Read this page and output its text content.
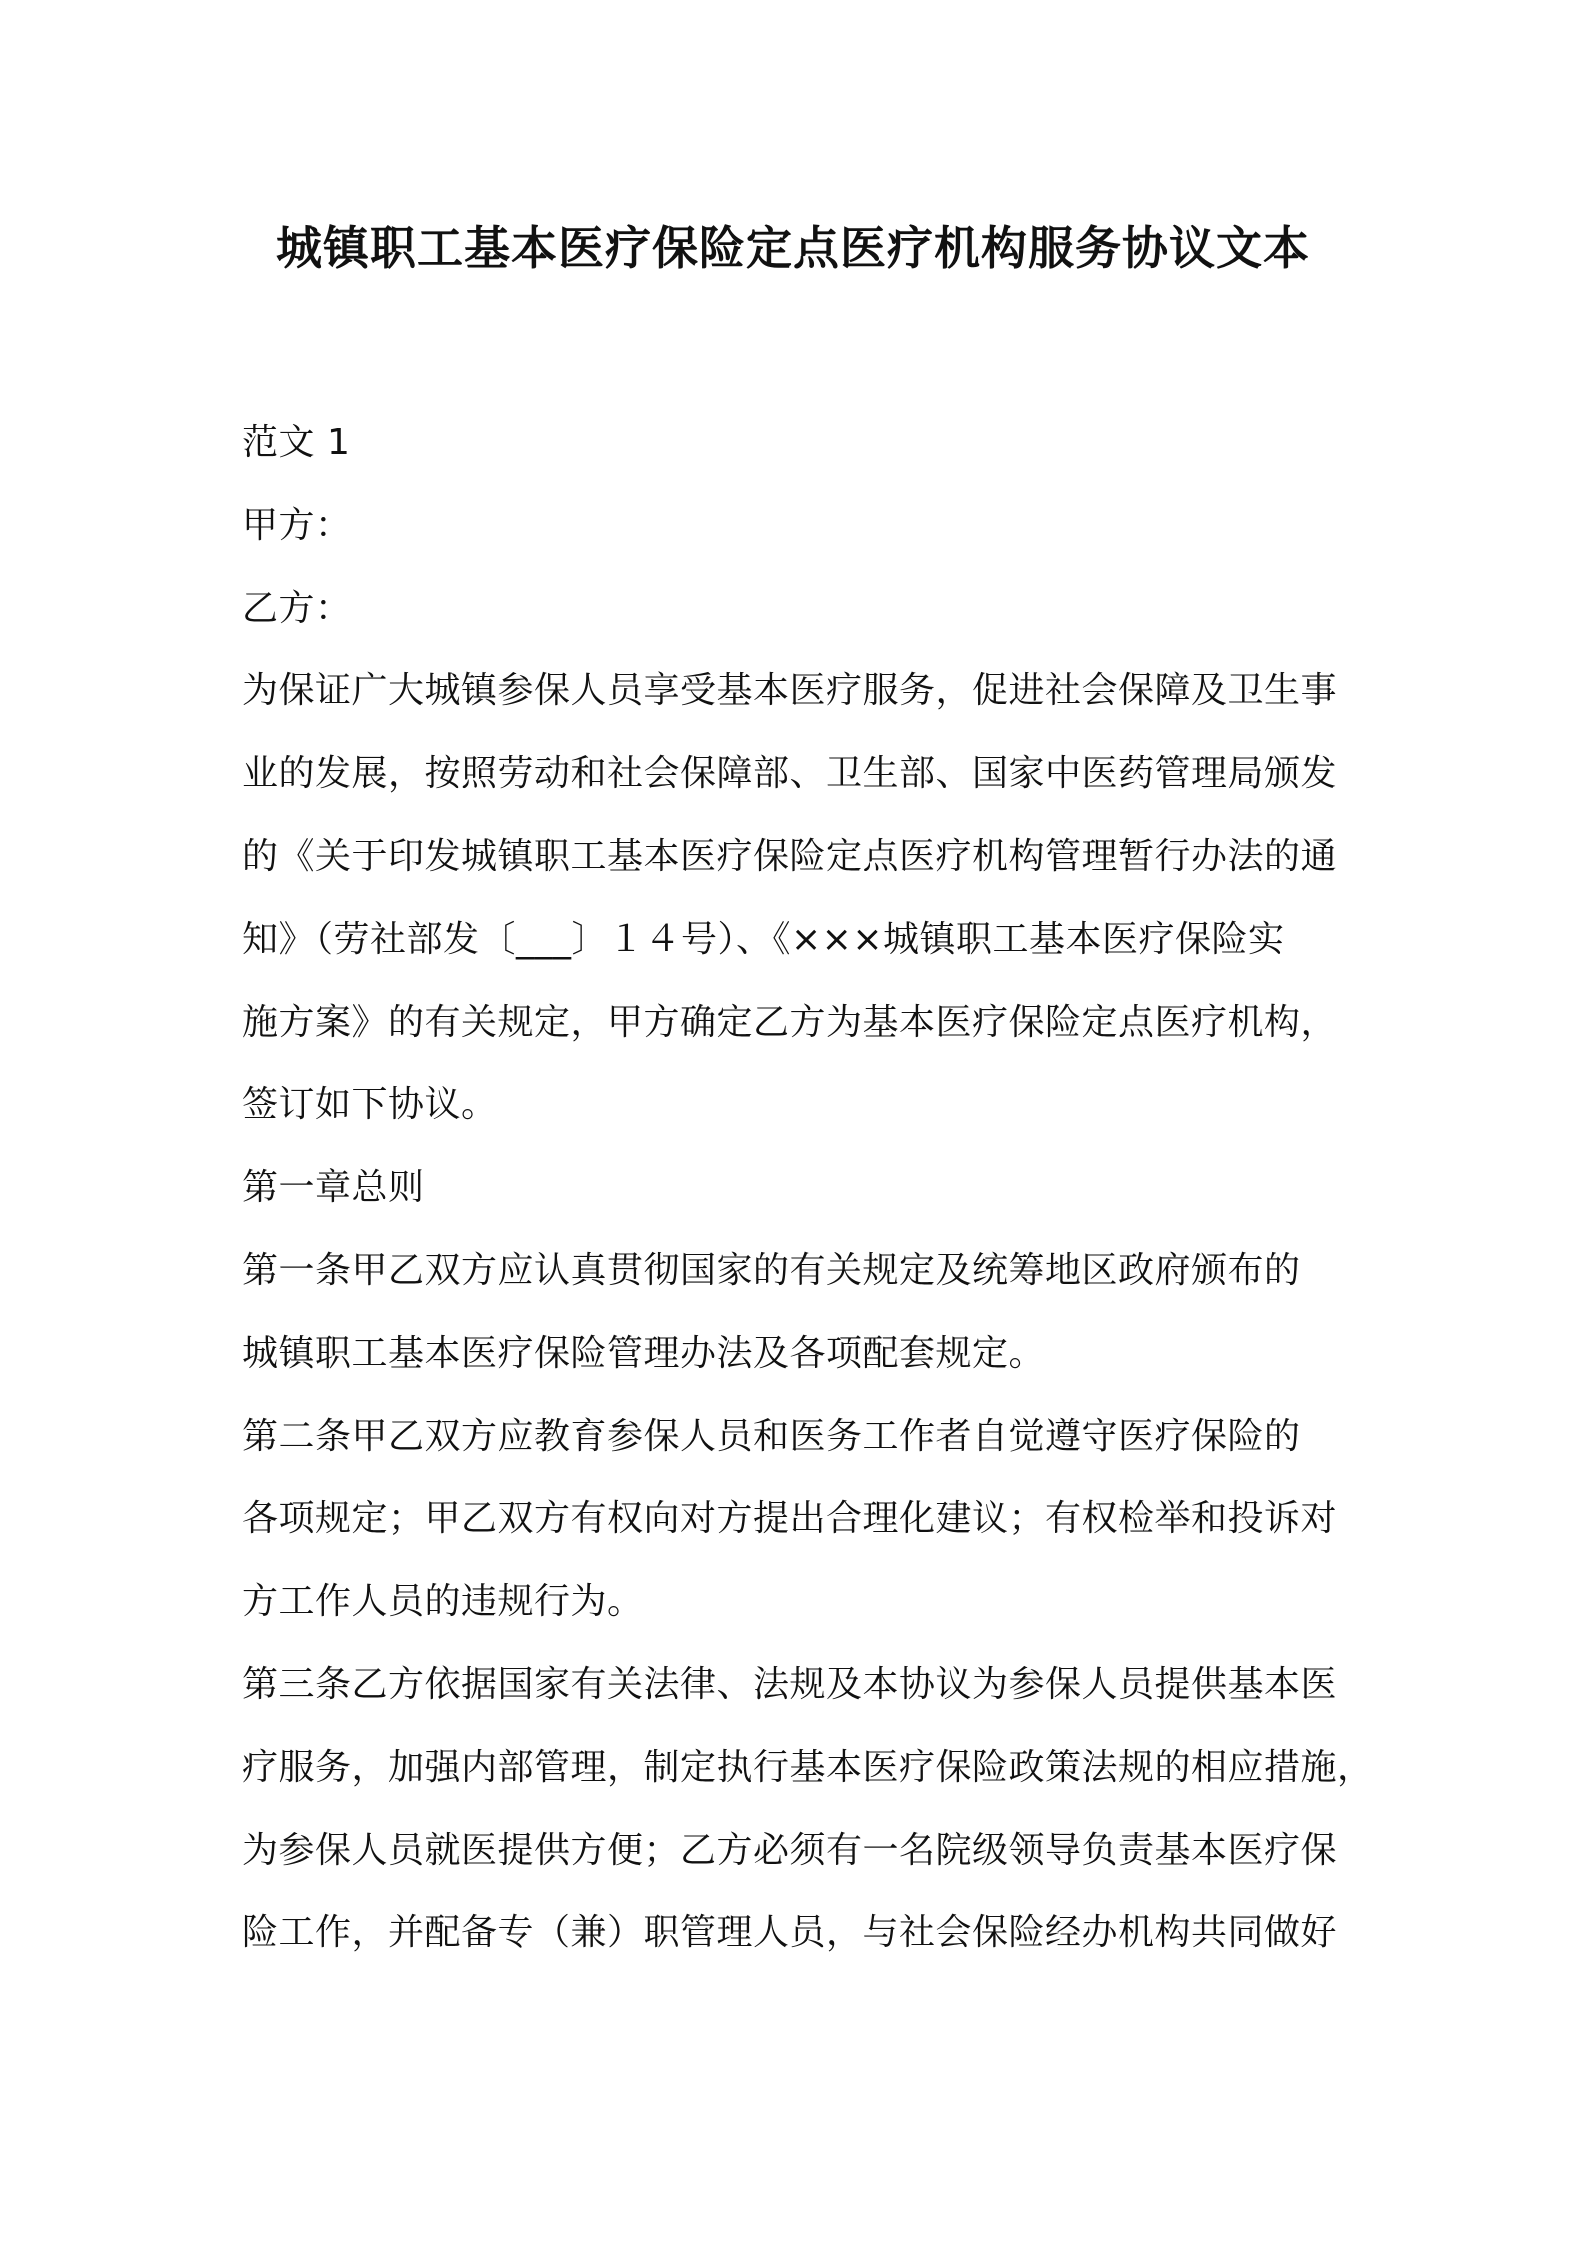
城镇职工基本医疗保险定点医疗机构服务协议文本
范文 1
甲方：
乙方：
为保证广大城镇参保人员享受基本医疗服务，促进社会保障及卫生事
业的发展，按照劳动和社会保障部、卫生部、国家中医药管理局颁发
的《关于印发城镇职工基本医疗保险定点医疗机构管理暂行办法的通
知》（劳社部发〔___〕１４号）、《×××城镇职工基本医疗保险实
施方案》的有关规定，甲方确定乙方为基本医疗保险定点医疗机构，
签订如下协议。
第一章总则
第一条甲乙双方应认真贯彻国家的有关规定及统筹地区政府颁布的
城镇职工基本医疗保险管理办法及各项配套规定。
第二条甲乙双方应教育参保人员和医务工作者自觉遵守医疗保险的
各项规定；甲乙双方有权向对方提出合理化建议；有权检举和投诉对
方工作人员的违规行为。
第三条乙方依据国家有关法律、法规及本协议为参保人员提供基本医
疗服务，加强内部管理，制定执行基本医疗保险政策法规的相应措施，
为参保人员就医提供方便；乙方必须有一名院级领导负责基本医疗保
险工作，并配备专（兼）职管理人员，与社会保险经办机构共同做好
